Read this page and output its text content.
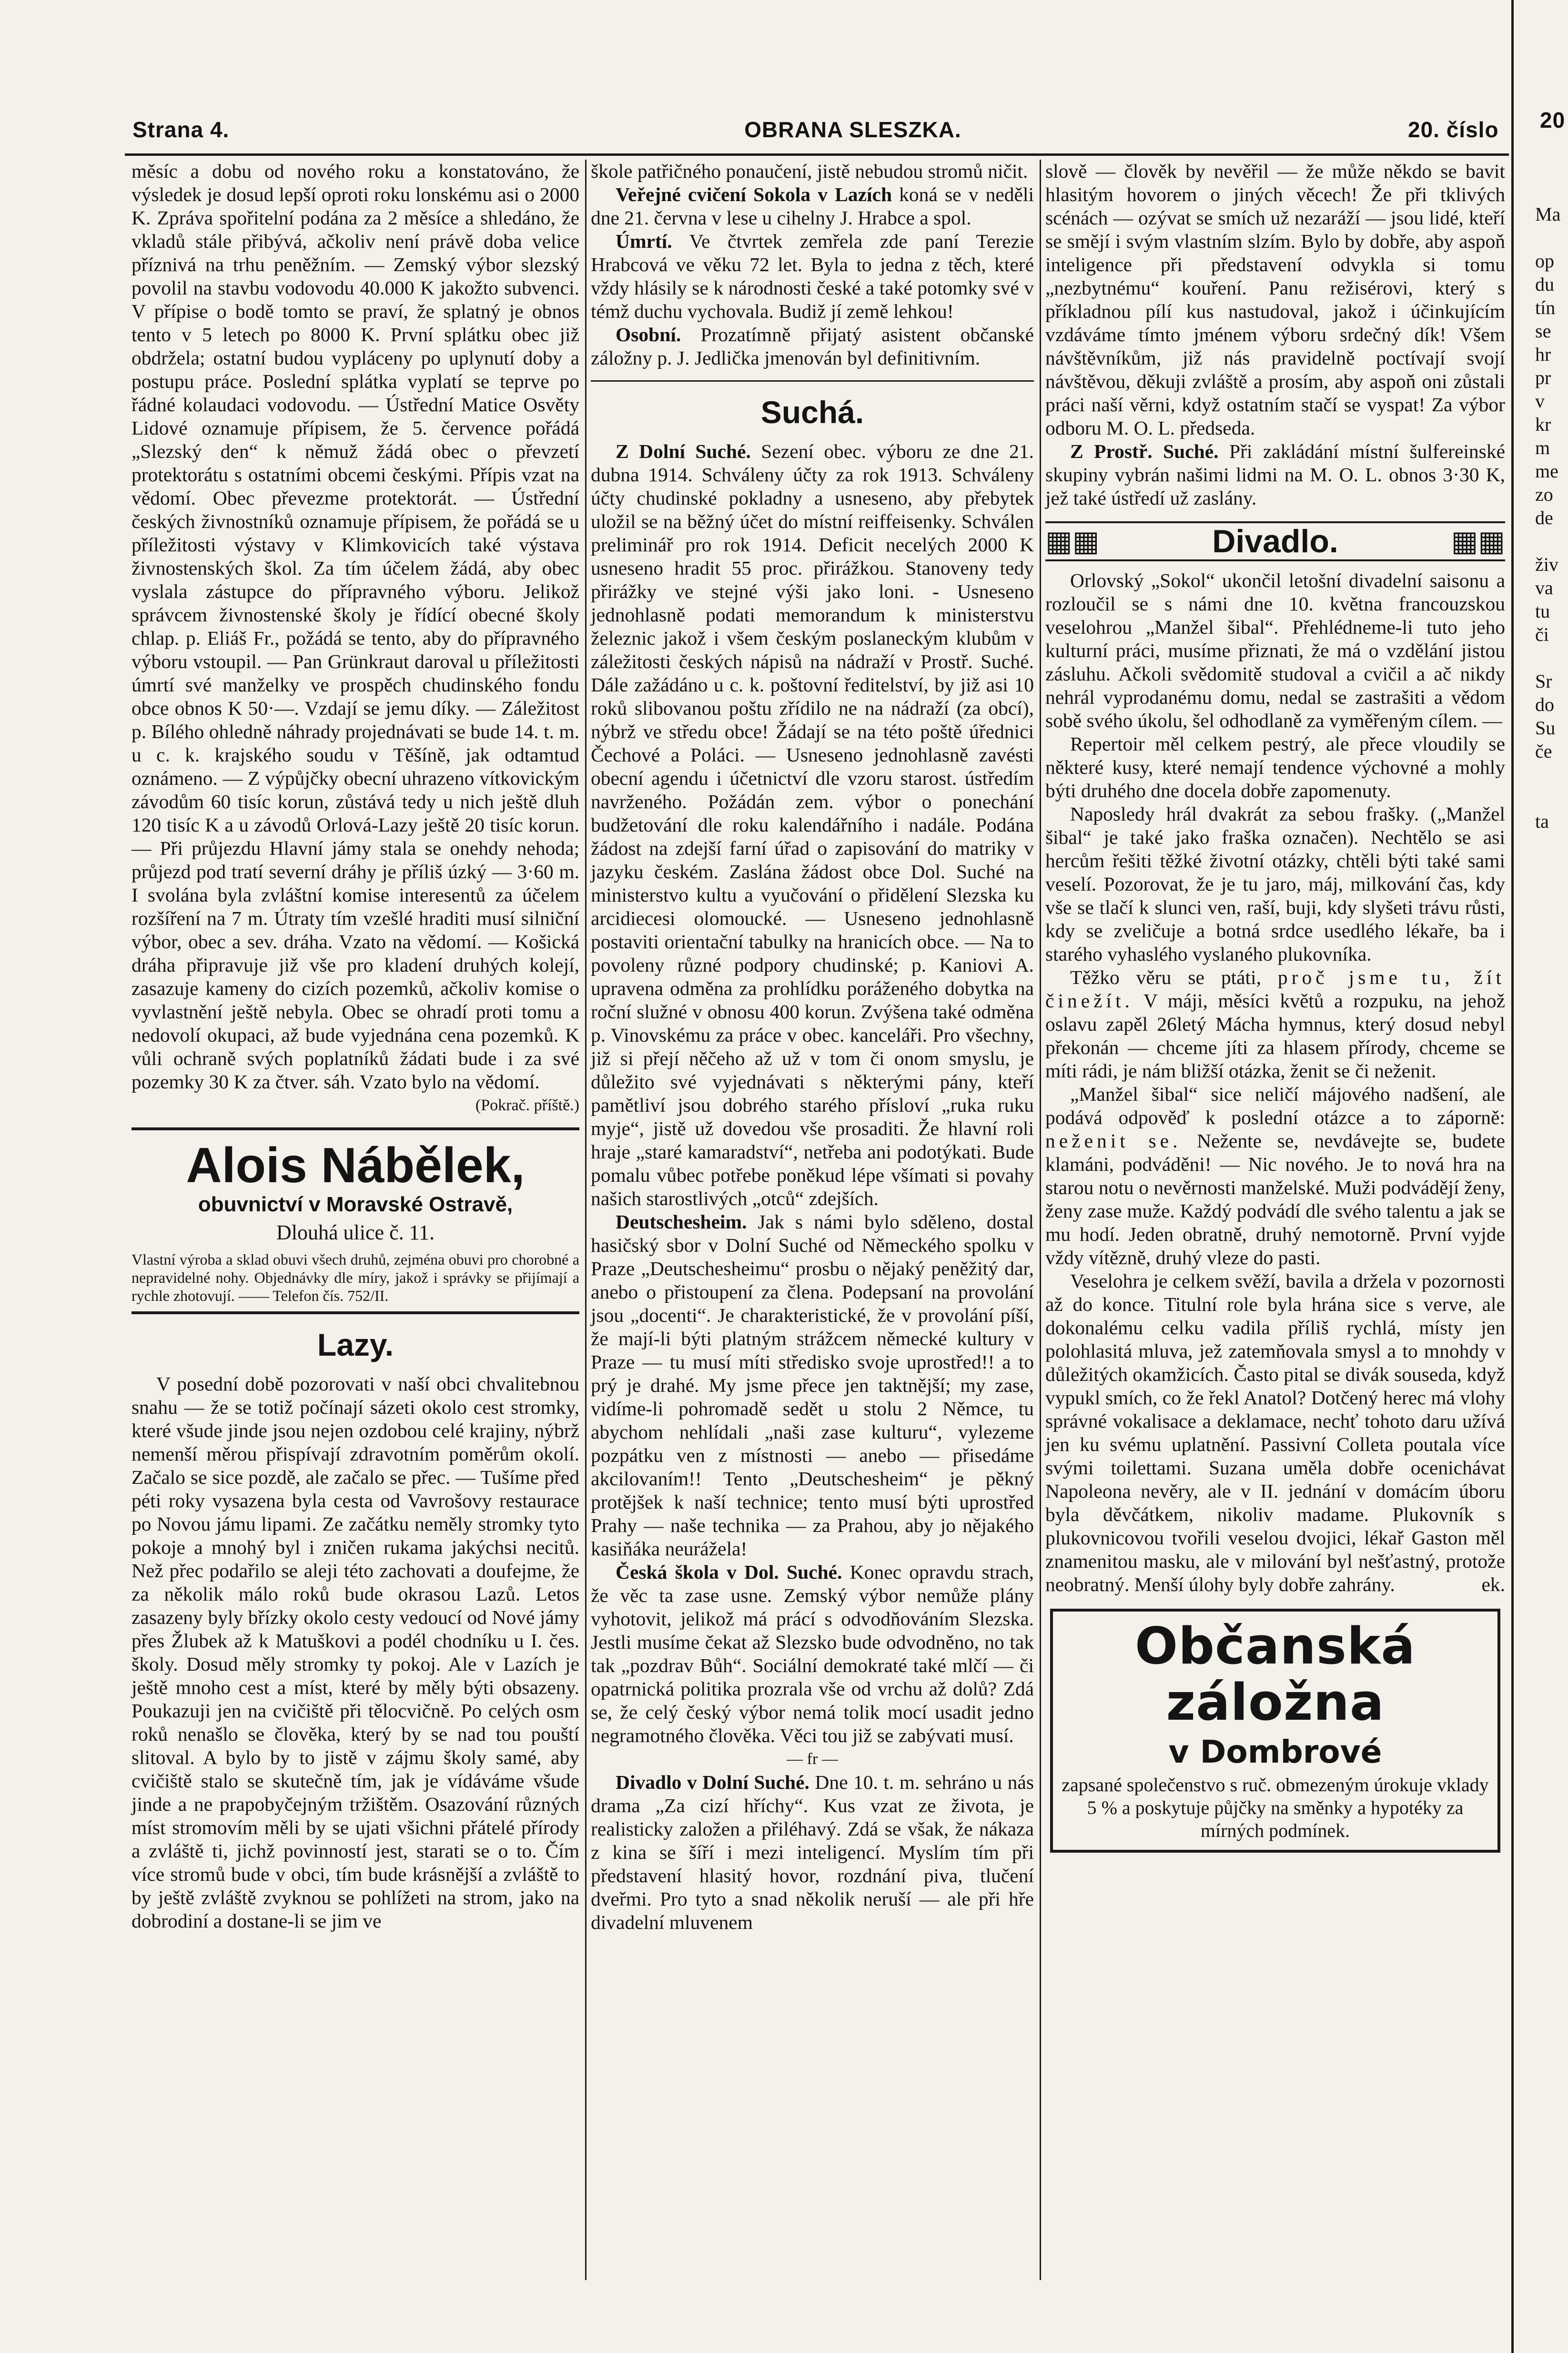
Strana 4.	OBRANA SLESZKA.	20. číslo 20

měsíc a dobu od nového roku a konstatováno, že výsledek je dosud lepší oproti roku lonskému asi o 2000 K. Zpráva spořitelní podána za 2 měsíce a shledáno, že vkladů stále přibývá, ačkoliv není právě doba velice příznivá na trhu peněžním. — Zemský výbor slezský povolil na stavbu vodovodu 40.000 K jakožto subvenci. V přípise o bodě tomto se praví, že splatný je obnos tento v 5 letech po 8000 K. První splátku obec již obdržela; ostatní budou vypláceny po uplynutí doby a postupu práce. Poslední splátka vyplatí se teprve po řádné kolaudaci vodovodu. — Ústřední Matice Osvěty Lidové oznamuje přípisem, že 5. července pořádá „Slezský den“ k němuž žádá obec o převzetí protektorátu s ostatními obcemi českými. Přípis vzat na vědomí. Obec převezme protektorát. — Ústřední českých živnostníků oznamuje přípisem, že pořádá se u příležitosti výstavy v Klimkovicích také výstava živnostenských škol. Za tím účelem žádá, aby obec vyslala zástupce do přípravného výboru. Jelikož správcem živnostenské školy je řídící obecné školy chlap. p. Eliáš Fr., požádá se tento, aby do přípravného výboru vstoupil. — Pan Grünkraut daroval u příležitosti úmrtí své manželky ve prospěch chudinského fondu obce obnos K 50·—. Vzdají se jemu díky. — Záležitost p. Bílého ohledně náhrady projednávati se bude 14. t. m. u c. k. krajského soudu v Těšíně, jak odtamtud oznámeno. — Z výpůjčky obecní uhrazeno vítkovickým závodům 60 tisíc korun, zůstává tedy u nich ještě dluh 120 tisíc K a u závodů Orlová-Lazy ještě 20 tisíc korun. — Při průjezdu Hlavní jámy stala se onehdy nehoda; průjezd pod tratí severní dráhy je příliš úzký — 3·60 m. I svolána byla zvláštní komise interesentů za účelem rozšíření na 7 m. Útraty tím vzešlé hraditi musí silniční výbor, obec a sev. dráha. Vzato na vědomí. — Košická dráha připravuje již vše pro kladení druhých kolejí, zasazuje kameny do cizích pozemků, ačkoliv komise o vyvlastnění ještě nebyla. Obec se ohradí proti tomu a nedovolí okupaci, až bude vyjednána cena pozemků. K vůli ochraně svých poplatníků žádati bude i za své pozemky 30 K za čtver. sáh. Vzato bylo na vědomí.

(Pokrač. příště.)
Alois Nábělek,
obuvnictví v Moravské Ostravě,
Dlouhá ulice č. 11.
Vlastní výroba a sklad obuvi všech druhů, zejména obuvi pro chorobné a nepravidelné nohy. Objednávky dle míry, jakož i správky se přijímají a rychle zhotovují. —— Telefon čís. 752/II.
Lazy.

V posední době pozorovati v naší obci chvalitebnou snahu — že se totiž počínají sázeti okolo cest stromky, které všude jinde jsou nejen ozdobou celé krajiny, nýbrž nemenší měrou přispívají zdravotním poměrům okolí. Začalo se sice pozdě, ale začalo se přec. — Tušíme před péti roky vysazena byla cesta od Vavrošovy restaurace po Novou jámu lipami. Ze začátku neměly stromky tyto pokoje a mnohý byl i zničen rukama jakýchsi necitů. Než přec podařilo se aleji této zachovati a doufejme, že za několik málo roků bude okrasou Lazů. Letos zasazeny byly břízky okolo cesty vedoucí od Nové jámy přes Žlubek až k Matuškovi a podél chodníku u I. čes. školy. Dosud měly stromky ty pokoj. Ale v Lazích je ještě mnoho cest a míst, které by měly býti obsazeny. Poukazuji jen na cvičiště při tělocvičně. Po celých osm roků nenašlo se člověka, který by se nad tou pouští slitoval. A bylo by to jistě v zájmu školy samé, aby cvičiště stalo se skutečně tím, jak je vídáváme všude jinde a ne prapobyčejným tržištěm. Osazování různých míst stromovím měli by se ujati všichni přátelé přírody a zvláště ti, jichž povinností jest, starati se o to. Čím více stromů bude v obci, tím bude krásnější a zvláště to by ještě zvláště zvyknou se pohlížeti na strom, jako na dobrodiní a dostane-li se jim ve

škole patřičného ponaučení, jistě nebudou stromů ničit.

Veřejné cvičení Sokola v Lazích koná se v neděli dne 21. června v lese u cihelny J. Hrabce a spol.

Úmrtí. Ve čtvrtek zemřela zde paní Terezie Hrabcová ve věku 72 let. Byla to jedna z těch, které vždy hlásily se k národnosti české a také potomky své v témž duchu vychovala. Budiž jí země lehkou!

Osobní. Prozatímně přijatý asistent občanské záložny p. J. Jedlička jmenován byl definitivním.

Suchá.

Z Dolní Suché. Sezení obec. výboru ze dne 21. dubna 1914. Schváleny účty za rok 1913. Schváleny účty chudinské pokladny a usneseno, aby přebytek uložil se na běžný účet do místní reiffeisenky. Schválen preliminář pro rok 1914. Deficit necelých 2000 K usneseno hradit 55 proc. přirážkou. Stanoveny tedy přirážky ve stejné výši jako loni. - Usneseno jednohlasně podati memorandum k ministerstvu železnic jakož i všem českým poslaneckým klubům v záležitosti českých nápisů na nádraží v Prostř. Suché. Dále zažádáno u c. k. poštovní ředitelství, by již asi 10 roků slibovanou poštu zřídilo ne na nádraží (za obcí), nýbrž ve středu obce! Žádají se na této poště úřednici Čechové a Poláci. — Usneseno jednohlasně zavésti obecní agendu i účetnictví dle vzoru starost. ústředím navrženého. Požádán zem. výbor o ponechání budžetování dle roku kalendářního i nadále. Podána žádost na zdejší farní úřad o zapisování do matriky v jazyku českém. Zaslána žádost obce Dol. Suché na ministerstvo kultu a vyučování o přidělení Slezska ku arcidiecesi olomoucké. — Usneseno jednohlasně postaviti orientační tabulky na hranicích obce. — Na to povoleny různé podpory chudinské; p. Kaniovi A. upravena odměna za prohlídku poráženého dobytka na roční služné v obnosu 400 korun. Zvýšena také odměna p. Vinovskému za práce v obec. kanceláři. Pro všechny, již si přejí něčeho až už v tom či onom smyslu, je důležito své vyjednávati s některými pány, kteří pamětliví jsou dobrého starého přísloví „ruka ruku myje“, jistě už dovedou vše prosaditi. Že hlavní roli hraje „staré kamaradství“, netřeba ani podotýkati. Bude pomalu vůbec potřebe poněkud lépe všímati si povahy našich starostlivých „otců“ zdejších.

Deutschesheim. Jak s námi bylo sděleno, dostal hasičský sbor v Dolní Suché od Německého spolku v Praze „Deutschesheimu“ prosbu o nějaký peněžitý dar, anebo o přistoupení za člena. Podepsaní na provolání jsou „docenti“. Je charakteristické, že v provolání píší, že mají-li býti platným strážcem německé kultury v Praze — tu musí míti středisko svoje uprostřed!! a to prý je drahé. My jsme přece jen taktnější; my zase, vidíme-li pohromadě sedět u stolu 2 Němce, tu abychom nehlídali „naši zase kulturu“, vylezeme pozpátku ven z místnosti — anebo — přisedáme akcilovaním!! Tento „Deutschesheim“ je pěkný protějšek k naší technice; tento musí býti uprostřed Prahy — naše technika — za Prahou, aby jo nějakého kasiňáka neurážela!

Česká škola v Dol. Suché. Konec opravdu strach, že věc ta zase usne. Zemský výbor nemůže plány vyhotovit, jelikož má prácí s odvodňováním Slezska. Jestli musíme čekat až Slezsko bude odvodněno, no tak tak „pozdrav Bůh“. Sociální demokraté také mlčí — či opatrnická politika prozrala vše od vrchu až dolů? Zdá se, že celý český výbor nemá tolik mocí usadit jedno negramotného člověka. Věci tou již se zabývati musí.

— fr —

Divadlo v Dolní Suché. Dne 10. t. m. sehráno u nás drama „Za cizí hříchy“. Kus vzat ze života, je realisticky založen a přiléhavý. Zdá se však, že nákaza z kina se šíří i mezi inteligencí. Myslím tím při představení hlasitý hovor, rozdnání piva, tlučení dveřmi. Pro tyto a snad několik neruší — ale při hře divadelní mluvenem

slově — člověk by nevěřil — že může někdo se bavit hlasitým hovorem o jiných věcech! Že při tklivých scénách — ozývat se smích už nezaráží — jsou lidé, kteří se smějí i svým vlastním slzím. Bylo by dobře, aby aspoň inteligence při představení odvykla si tomu „nezbytnému“ kouření. Panu režisérovi, který s příkladnou pílí kus nastudoval, jakož i účinkujícím vzdáváme tímto jménem výboru srdečný dík! Všem návštěvníkům, již nás pravidelně poctívají svojí návštěvou, děkuji zvláště a prosím, aby aspoň oni zůstali práci naší věrni, když ostatním stačí se vyspat! Za výbor odboru M. O. L. předseda.

Z Prostř. Suché. Při zakládání místní šulfereinské skupiny vybrán našimi lidmi na M. O. L. obnos 3·30 K, jež také ústředí už zaslány.

▦▦	Divadlo.	▦▦

Orlovský „Sokol“ ukončil letošní divadelní saisonu a rozloučil se s námi dne 10. května francouzskou veselohrou „Manžel šibal“. Přehlédneme-li tuto jeho kulturní práci, musíme přiznati, že má o vzdělání jistou zásluhu. Ačkoli svědomitě studoval a cvičil a ač nikdy nehrál vyprodanému domu, nedal se zastrašiti a vědom sobě svého úkolu, šel odhodlaně za vyměřeným cílem. —

Repertoir měl celkem pestrý, ale přece vloudily se některé kusy, které nemají tendence výchovné a mohly býti druhého dne docela dobře zapomenuty.

Naposledy hrál dvakrát za sebou frašky. („Manžel šibal“ je také jako fraška označen). Nechtělo se asi hercům řešiti těžké životní otázky, chtěli býti také sami veselí. Pozorovat, že je tu jaro, máj, milkování čas, kdy vše se tlačí k slunci ven, raší, buji, kdy slyšeti trávu růsti, kdy se zveličuje a botná srdce usedlého lékaře, ba i starého vyhaslého vyslaného plukovníka.

Těžko věru se ptáti, proč jsme tu, žít činežít. V máji, měsíci květů a rozpuku, na jehož oslavu zapěl 26letý Mácha hymnus, který dosud nebyl překonán — chceme jíti za hlasem přírody, chceme se míti rádi, je nám bližší otázka, ženit se či neženit.

„Manžel šibal“ sice neličí májového nadšení, ale podává odpověď k poslední otázce a to záporně: neženit se. Nežente se, nevdávejte se, budete klamáni, podváděni! — Nic nového. Je to nová hra na starou notu o nevěrnosti manželské. Muži podvádějí ženy, ženy zase muže. Každý podvádí dle svého talentu a jak se mu hodí. Jeden obratně, druhý nemotorně. První vyjde vždy vítězně, druhý vleze do pasti.

Veselohra je celkem svěží, bavila a držela v pozornosti až do konce. Titulní role byla hrána sice s verve, ale dokonalému celku vadila příliš rychlá, místy jen polohlasitá mluva, jež zatemňovala smysl a to mnohdy v důležitých okamžicích. Často pital se divák souseda, když vypukl smích, co že řekl Anatol? Dotčený herec má vlohy správné vokalisace a deklamace, nechť tohoto daru užívá jen ku svému uplatnění. Passivní Colleta poutala více svými toilettami. Suzana uměla dobře ocenichávat Napoleona nevěry, ale v II. jednání v domácím úboru byla děvčátkem, nikoliv madame. Plukovník s plukovnicovou tvořili veselou dvojici, lékař Gaston měl znamenitou masku, ale v milování byl nešťastný, protože neobratný. Menší úlohy byly dobře zahrány.	ek.

Občanská záložna
v Dombrové
zapsané společenstvo s ruč. obmezeným úrokuje vklady 5 % a poskytuje půjčky na směnky a hypotéky za mírných podmínek.
Ma

op
du
tín
se
hr
pr
v
kr
m
me
zo
de

živ
va
tu
či

Sr
do
Su
če

ta
